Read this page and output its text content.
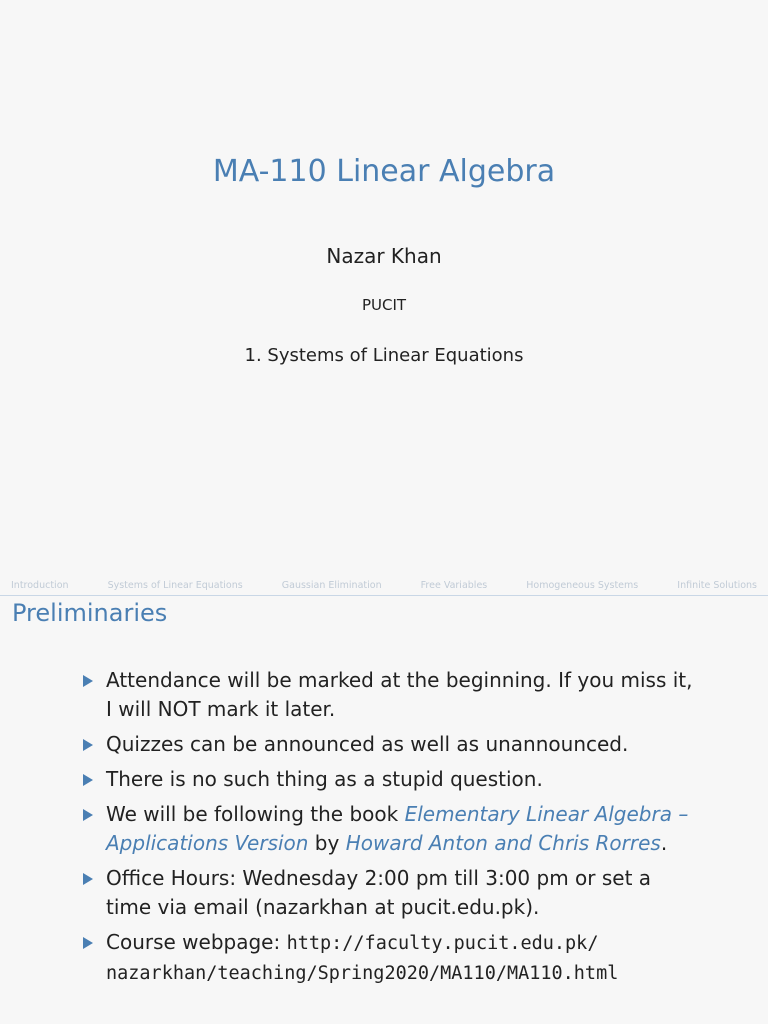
MA-110 Linear Algebra
Nazar Khan
PUCIT
1. Systems of Linear Equations
Introduction	Systems of Linear Equations	Gaussian Elimination	Free Variables	Homogeneous Systems	Infinite Solutions
Preliminaries
Attendance will be marked at the beginning. If you miss it, I will NOT mark it later.
Quizzes can be announced as well as unannounced.
There is no such thing as a stupid question.
We will be following the book Elementary Linear Algebra – Applications Version by Howard Anton and Chris Rorres.
Office Hours: Wednesday 2:00 pm till 3:00 pm or set a time via email (nazarkhan at pucit.edu.pk).
Course webpage: http://faculty.pucit.edu.pk/ nazarkhan/teaching/Spring2020/MA110/MA110.html
